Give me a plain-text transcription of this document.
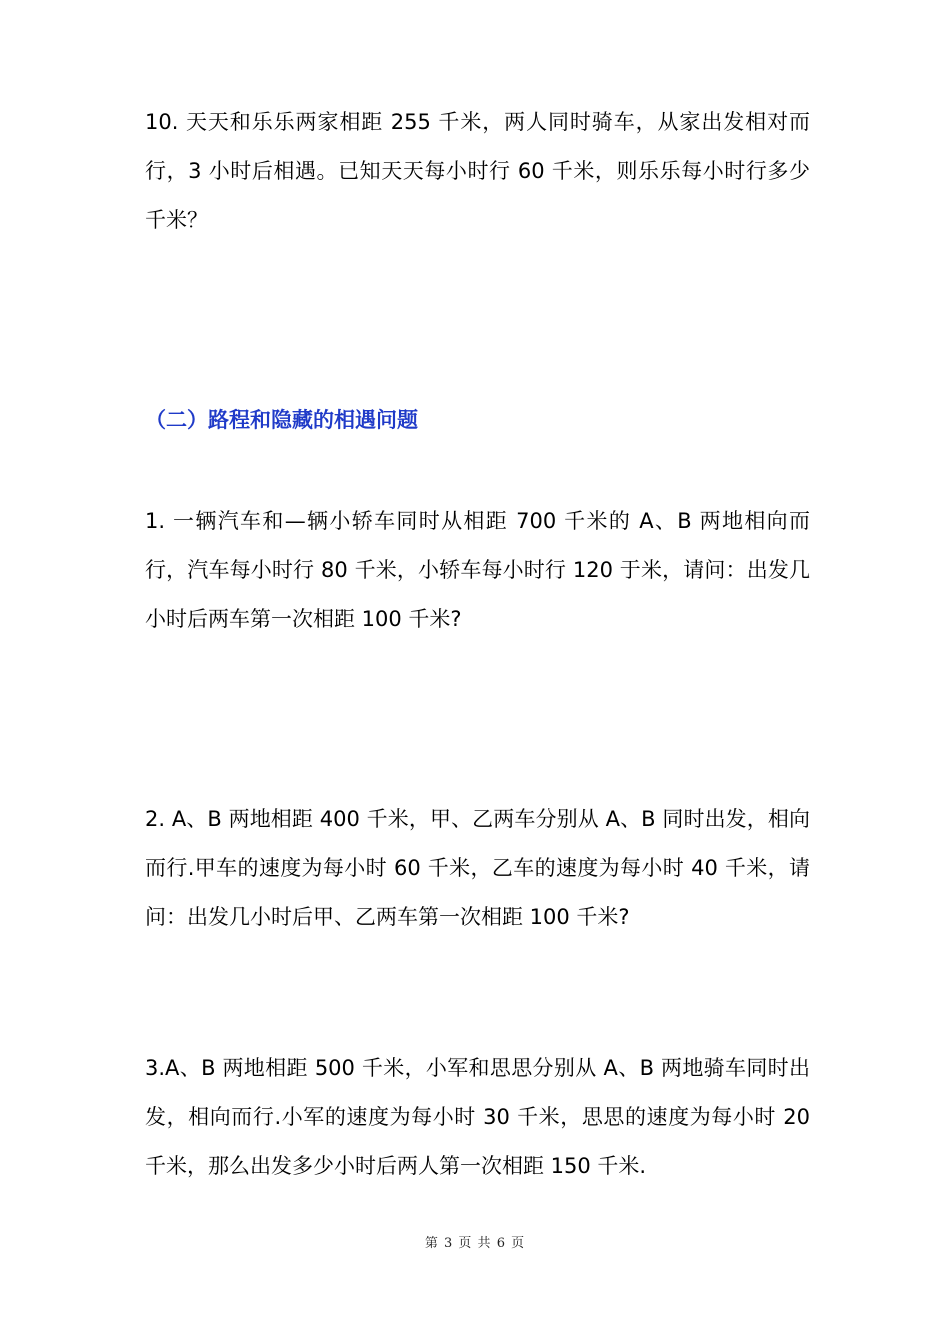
10. 天天和乐乐两家相距 255 千米，两人同时骑车，从家出发相对而行，3 小时后相遇。已知天天每小时行 60 千米，则乐乐每小时行多少千米？

（二）路程和隐藏的相遇问题

1. 一辆汽车和—辆小轿车同时从相距 700 千米的 A、B 两地相向而行，汽车每小时行 80 千米，小轿车每小时行 120 于米，请问：出发几小时后两车第一次相距 100 千米?

2. A、B 两地相距 400 千米，甲、乙两车分别从 A、B 同时出发，相向而行.甲车的速度为每小时 60 千米，乙车的速度为每小时 40 千米，请问：出发几小时后甲、乙两车第一次相距 100 千米?

3.A、B 两地相距 500 千米，小军和思思分别从 A、B 两地骑车同时出发，相向而行.小军的速度为每小时 30 千米，思思的速度为每小时 20 千米，那么出发多少小时后两人第一次相距 150 千米.

第 3 页 共 6 页
